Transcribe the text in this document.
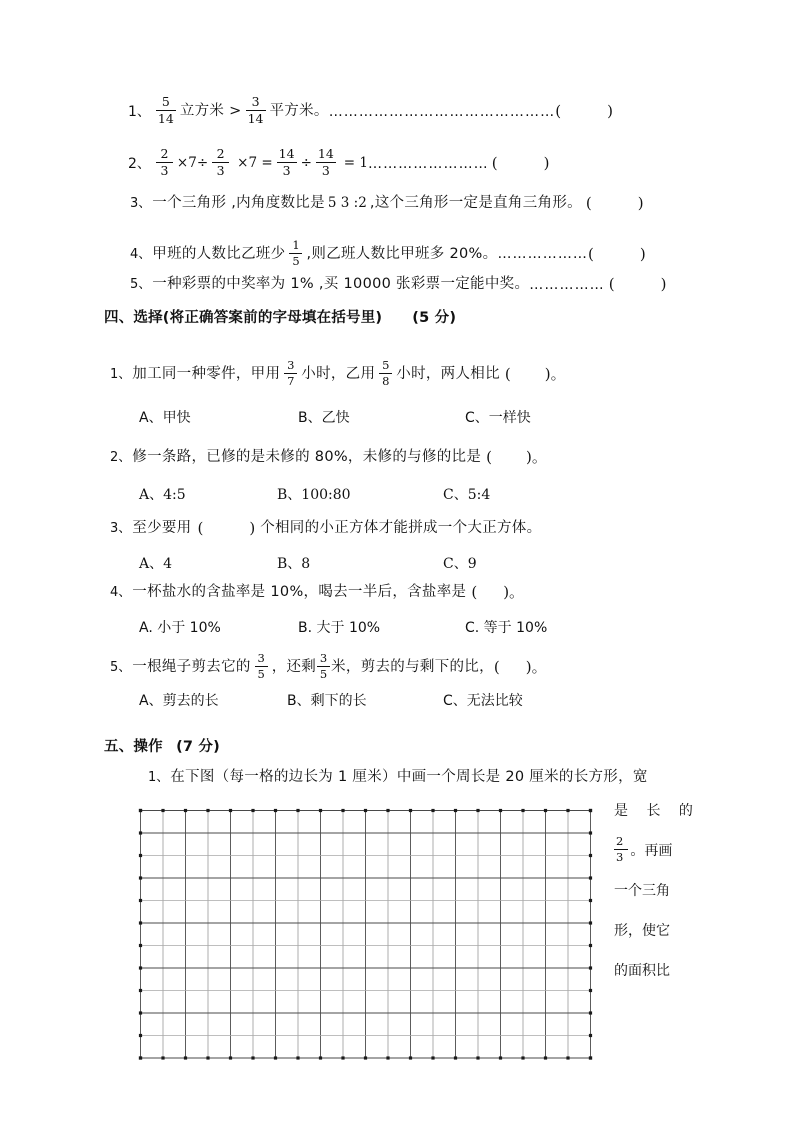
1、 $\frac{5}{14}$ 立方米 > $\frac{3}{14}$ 平方米。 ……………………………………… (	)
2、 $\frac{2}{3} \times 7\div \frac{2}{3} \times 7 = \frac{14}{3} \div \frac{14}{3} = 1$ …………………… (	)
3、 一个三角形 ,内角度数比是 5 3 :2 ,这个三角形一定是直角三角形。 (	)
4、 甲班的人数比乙班少 $\frac{1}{5}$ ,则乙班人数比甲班多 20%。 ……………… (	)
5、 一种彩票的中奖率为 1% ,买 10000 张彩票一定能中奖。 …………… (	)
四、选择(将正确答案前的字母填在括号里) (5 分)
1、 加工同一种零件，甲用 $\frac{3}{7}$ 小时，乙用 $\frac{5}{8}$ 小时，两人相比 ( )。
A、甲快	B、乙快	C、一样快
2、 修一条路，已修的是未修的 80%，未修的与修的比是 ( )。
A、4:5	B、100:80	C、5:4
3、 至少要用 (	) 个相同的小正方体才能拼成一个大正方体。
A、4	B、8	C、9
4、 一杯盐水的含盐率是 10%，喝去一半后，含盐率是 ( )。
A. 小于 10%	B. 大于 10%	C. 等于 10%
5、 一根绳子剪去它的 $\frac{3}{5}$ ，还剩 $\frac{3}{5}$ 米，剪去的与剩下的比， ( )。
A、剪去的长	B、剩下的长	C、无法比较
五、操作 (7 分)
1、 在下图（每一格的边长为 1 厘米）中画一个周长是 20 厘米的长方形，宽
是 长 的
$\frac{2}{3}$ 。再画
一个三角
形，使它
的面积比
